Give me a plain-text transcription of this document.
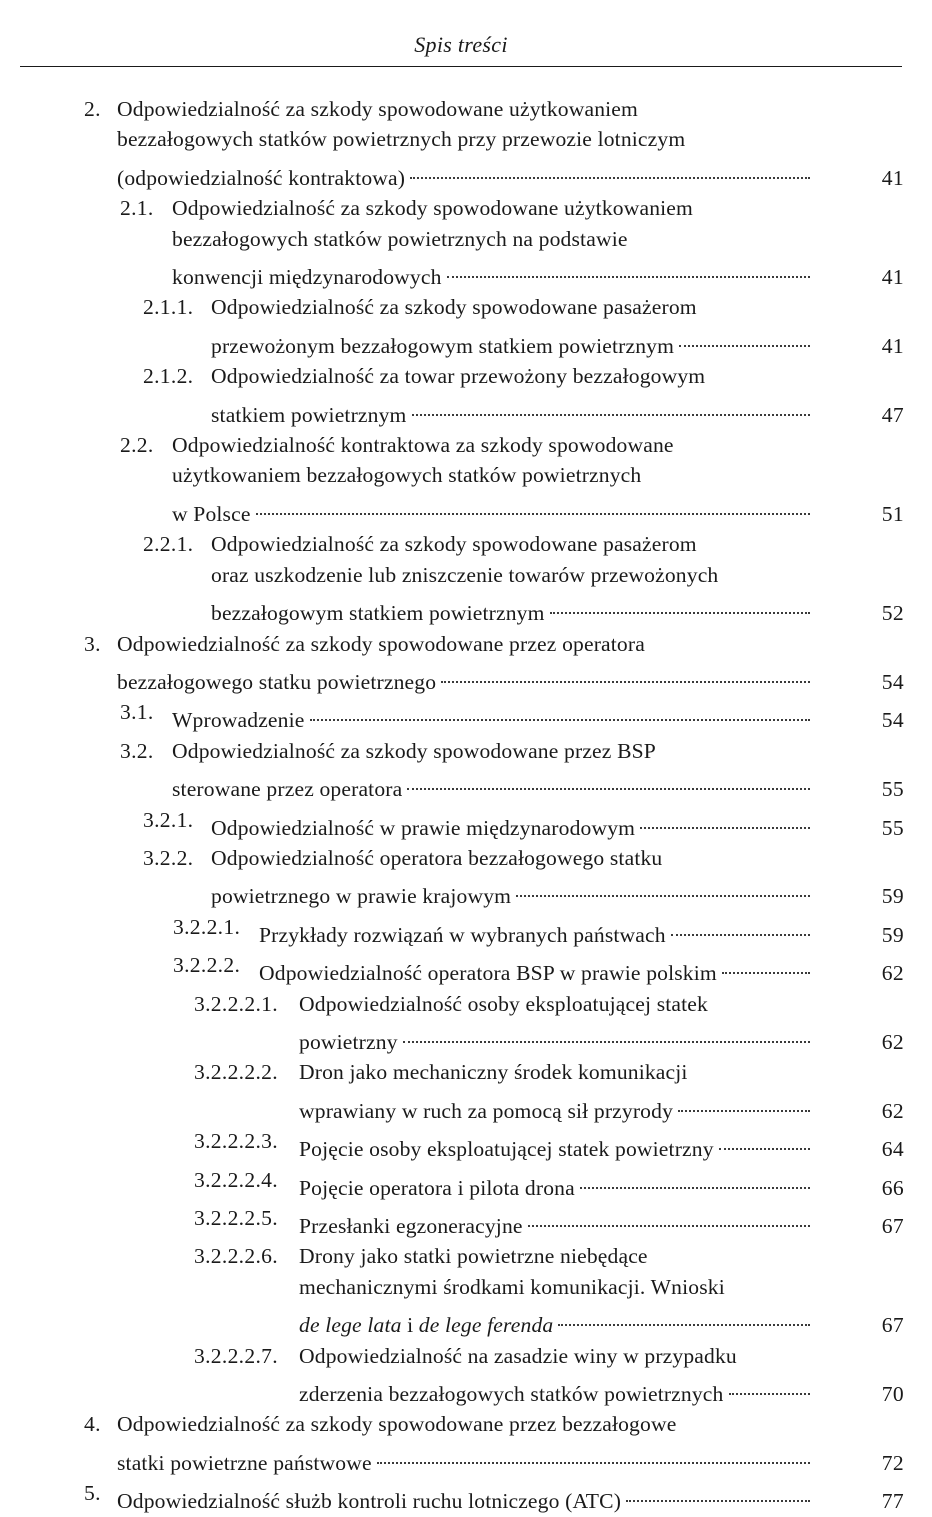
Spis treści
2. Odpowiedzialność za szkody spowodowane użytkowaniem
bezzałogowych statków powietrznych przy przewozie lotniczym
(odpowiedzialność kontraktowa)	41
2.1. Odpowiedzialność za szkody spowodowane użytkowaniem
bezzałogowych statków powietrznych na podstawie
konwencji międzynarodowych	41
2.1.1. Odpowiedzialność za szkody spowodowane pasażerom
przewożonym bezzałogowym statkiem powietrznym	41
2.1.2. Odpowiedzialność za towar przewożony bezzałogowym
statkiem powietrznym	47
2.2. Odpowiedzialność kontraktowa za szkody spowodowane
użytkowaniem bezzałogowych statków powietrznych
w Polsce	51
2.2.1. Odpowiedzialność za szkody spowodowane pasażerom
oraz uszkodzenie lub zniszczenie towarów przewożonych
bezzałogowym statkiem powietrznym	52
3. Odpowiedzialność za szkody spowodowane przez operatora
bezzałogowego statku powietrznego	54
3.1. Wprowadzenie	54
3.2. Odpowiedzialność za szkody spowodowane przez BSP
sterowane przez operatora	55
3.2.1. Odpowiedzialność w prawie międzynarodowym	55
3.2.2. Odpowiedzialność operatora bezzałogowego statku
powietrznego w prawie krajowym	59
3.2.2.1. Przykłady rozwiązań w wybranych państwach	59
3.2.2.2. Odpowiedzialność operatora BSP w prawie polskim	62
3.2.2.2.1. Odpowiedzialność osoby eksploatującej statek
powietrzny	62
3.2.2.2.2. Dron jako mechaniczny środek komunikacji
wprawiany w ruch za pomocą sił przyrody	62
3.2.2.2.3. Pojęcie osoby eksploatującej statek powietrzny	64
3.2.2.2.4. Pojęcie operatora i pilota drona	66
3.2.2.2.5. Przesłanki egzoneracyjne	67
3.2.2.2.6. Drony jako statki powietrzne niebędące
mechanicznymi środkami komunikacji. Wnioski
de lege lata i de lege ferenda	67
3.2.2.2.7. Odpowiedzialność na zasadzie winy w przypadku
zderzenia bezzałogowych statków powietrznych	70
4. Odpowiedzialność za szkody spowodowane przez bezzałogowe
statki powietrzne państwowe	72
5. Odpowiedzialność służb kontroli ruchu lotniczego (ATC)	77
